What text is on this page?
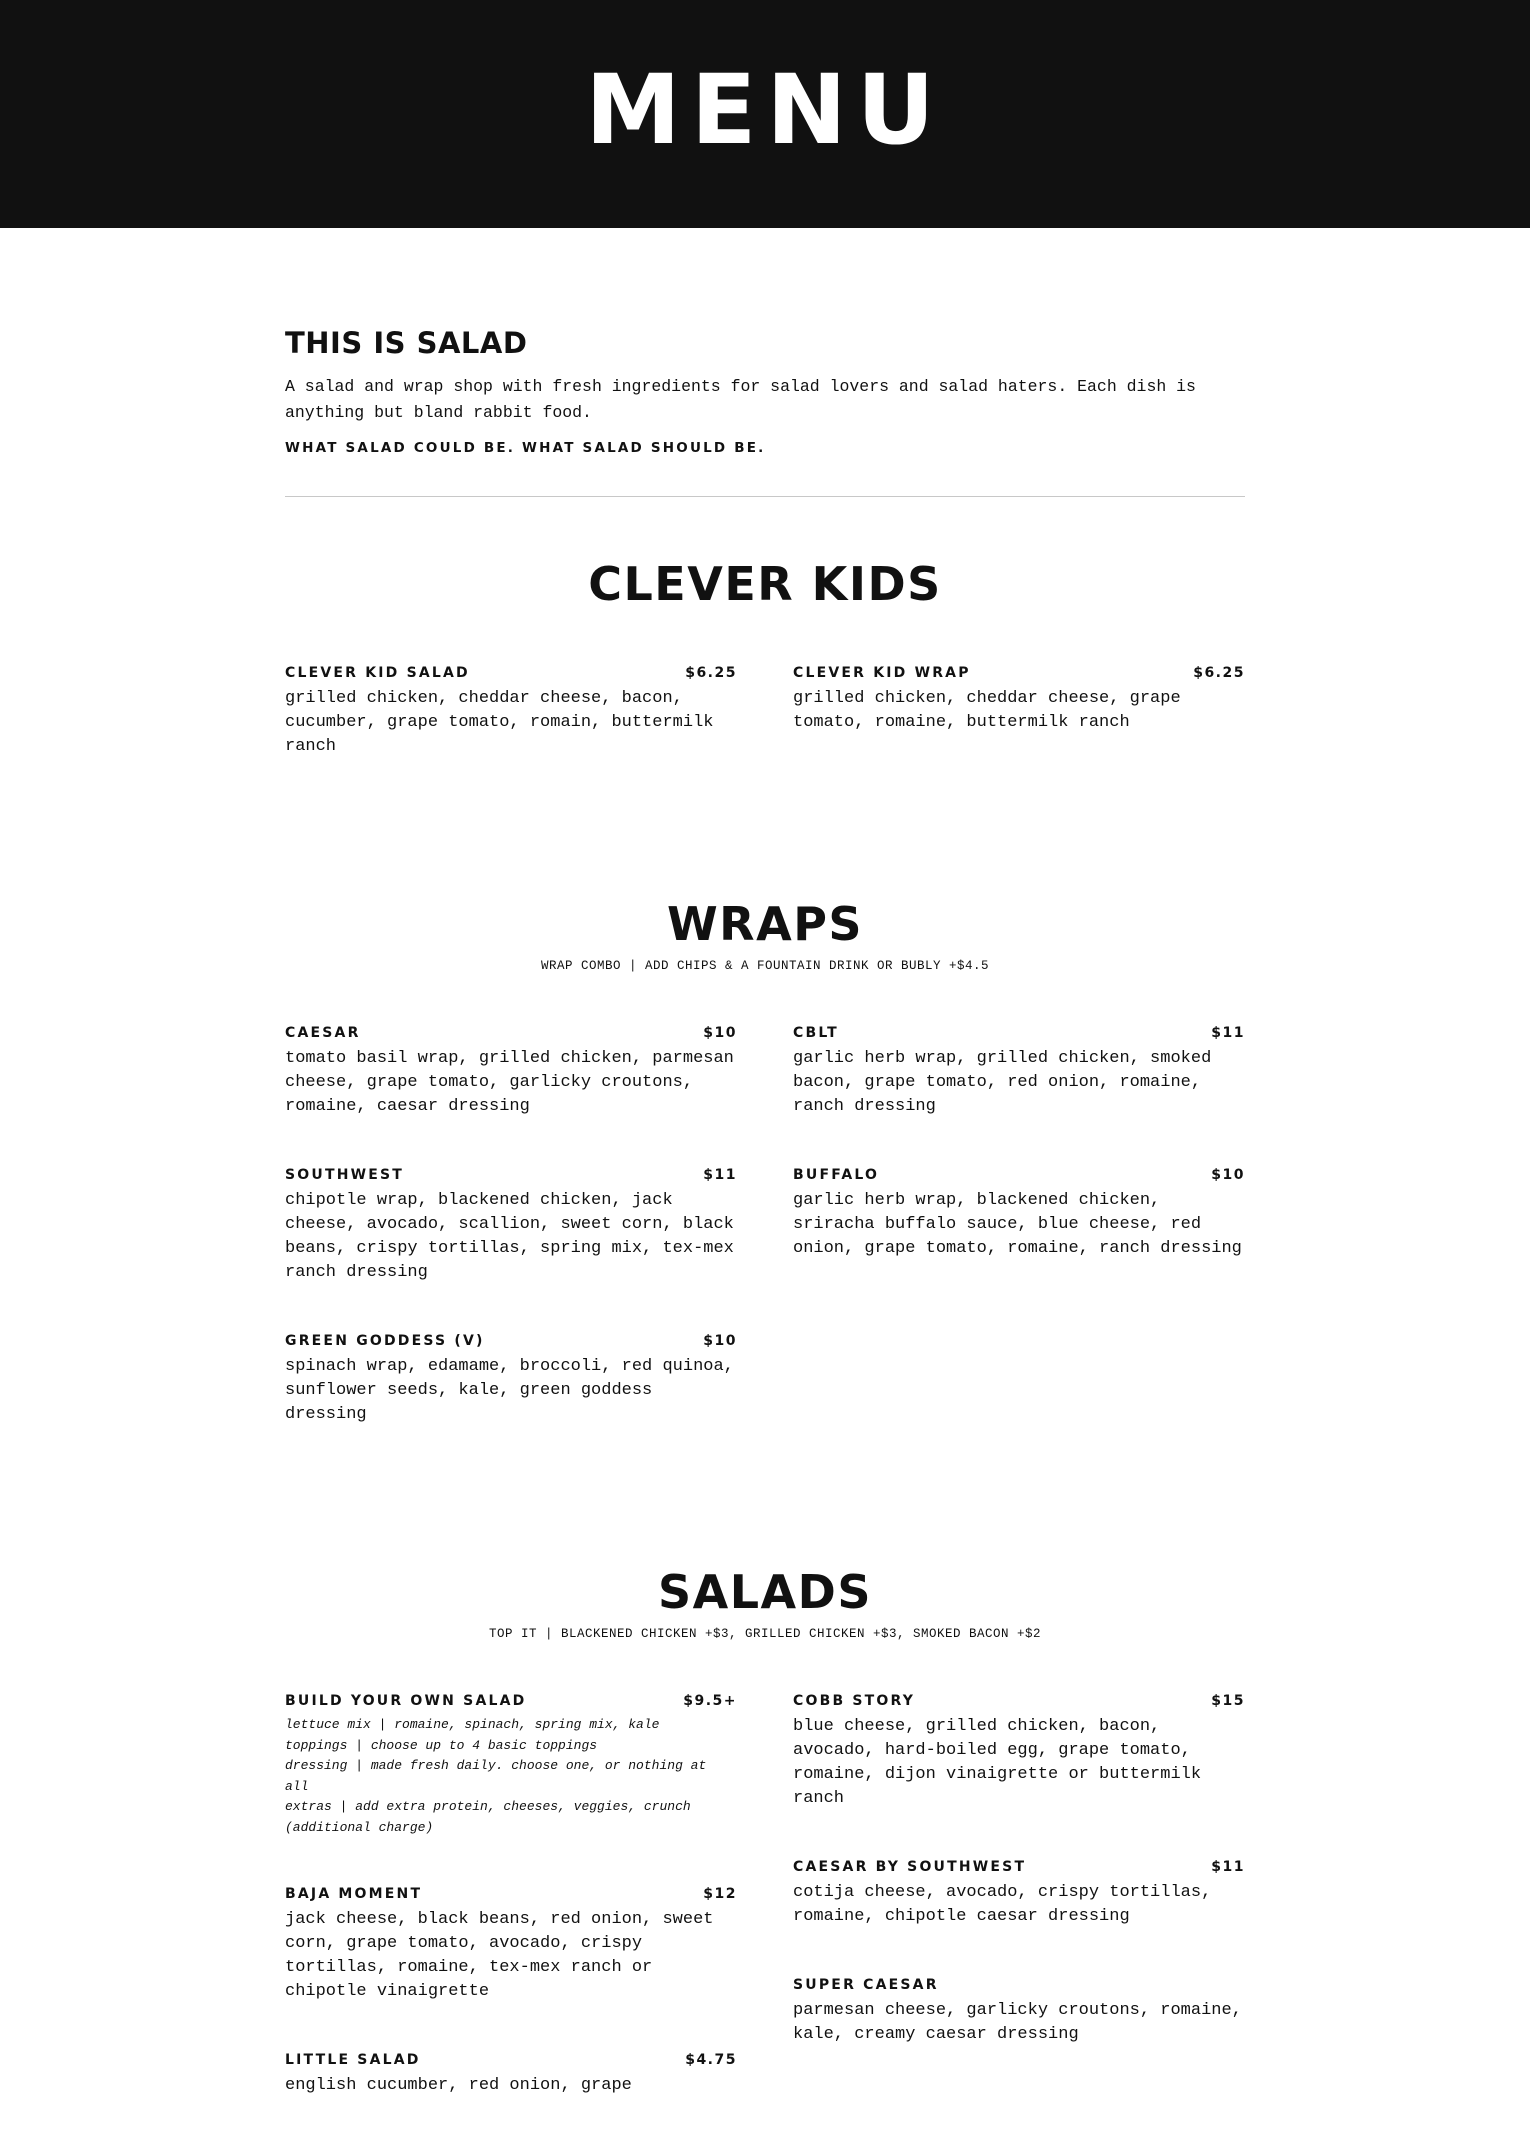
MENU
THIS IS SALAD

A salad and wrap shop with fresh ingredients for salad lovers and salad haters. Each dish is anything but bland rabbit food.

WHAT SALAD COULD BE. WHAT SALAD SHOULD BE.

CLEVER KIDS
CLEVER KID SALAD	$6.25
grilled chicken, cheddar cheese, bacon, cucumber, grape tomato, romain, buttermilk ranch
CLEVER KID WRAP	$6.25
grilled chicken, cheddar cheese, grape tomato, romaine, buttermilk ranch
WRAPS
WRAP COMBO | ADD CHIPS & A FOUNTAIN DRINK OR BUBLY +$4.5
CAESAR	$10
tomato basil wrap, grilled chicken, parmesan cheese, grape tomato, garlicky croutons, romaine, caesar dressing
CBLT	$11
garlic herb wrap, grilled chicken, smoked bacon, grape tomato, red onion, romaine, ranch dressing
SOUTHWEST	$11
chipotle wrap, blackened chicken, jack cheese, avocado, scallion, sweet corn, black beans, crispy tortillas, spring mix, tex-mex ranch dressing
BUFFALO	$10
garlic herb wrap, blackened chicken, sriracha buffalo sauce, blue cheese, red onion, grape tomato, romaine, ranch dressing
GREEN GODDESS (V)	$10
spinach wrap, edamame, broccoli, red quinoa, sunflower seeds, kale, green goddess dressing
SALADS
TOP IT | BLACKENED CHICKEN +$3, GRILLED CHICKEN +$3, SMOKED BACON +$2
BUILD YOUR OWN SALAD	$9.5+
lettuce mix | romaine, spinach, spring mix, kale
toppings | choose up to 4 basic toppings
dressing | made fresh daily. choose one, or nothing at all
extras | add extra protein, cheeses, veggies, crunch (additional charge)
BAJA MOMENT	$12
jack cheese, black beans, red onion, sweet corn, grape tomato, avocado, crispy tortillas, romaine, tex-mex ranch or chipotle vinaigrette
LITTLE SALAD	$4.75
english cucumber, red onion, grape
COBB STORY	$15
blue cheese, grilled chicken, bacon, avocado, hard-boiled egg, grape tomato, romaine, dijon vinaigrette or buttermilk ranch
CAESAR BY SOUTHWEST	$11
cotija cheese, avocado, crispy tortillas, romaine, chipotle caesar dressing
SUPER CAESAR
parmesan cheese, garlicky croutons, romaine, kale, creamy caesar dressing
